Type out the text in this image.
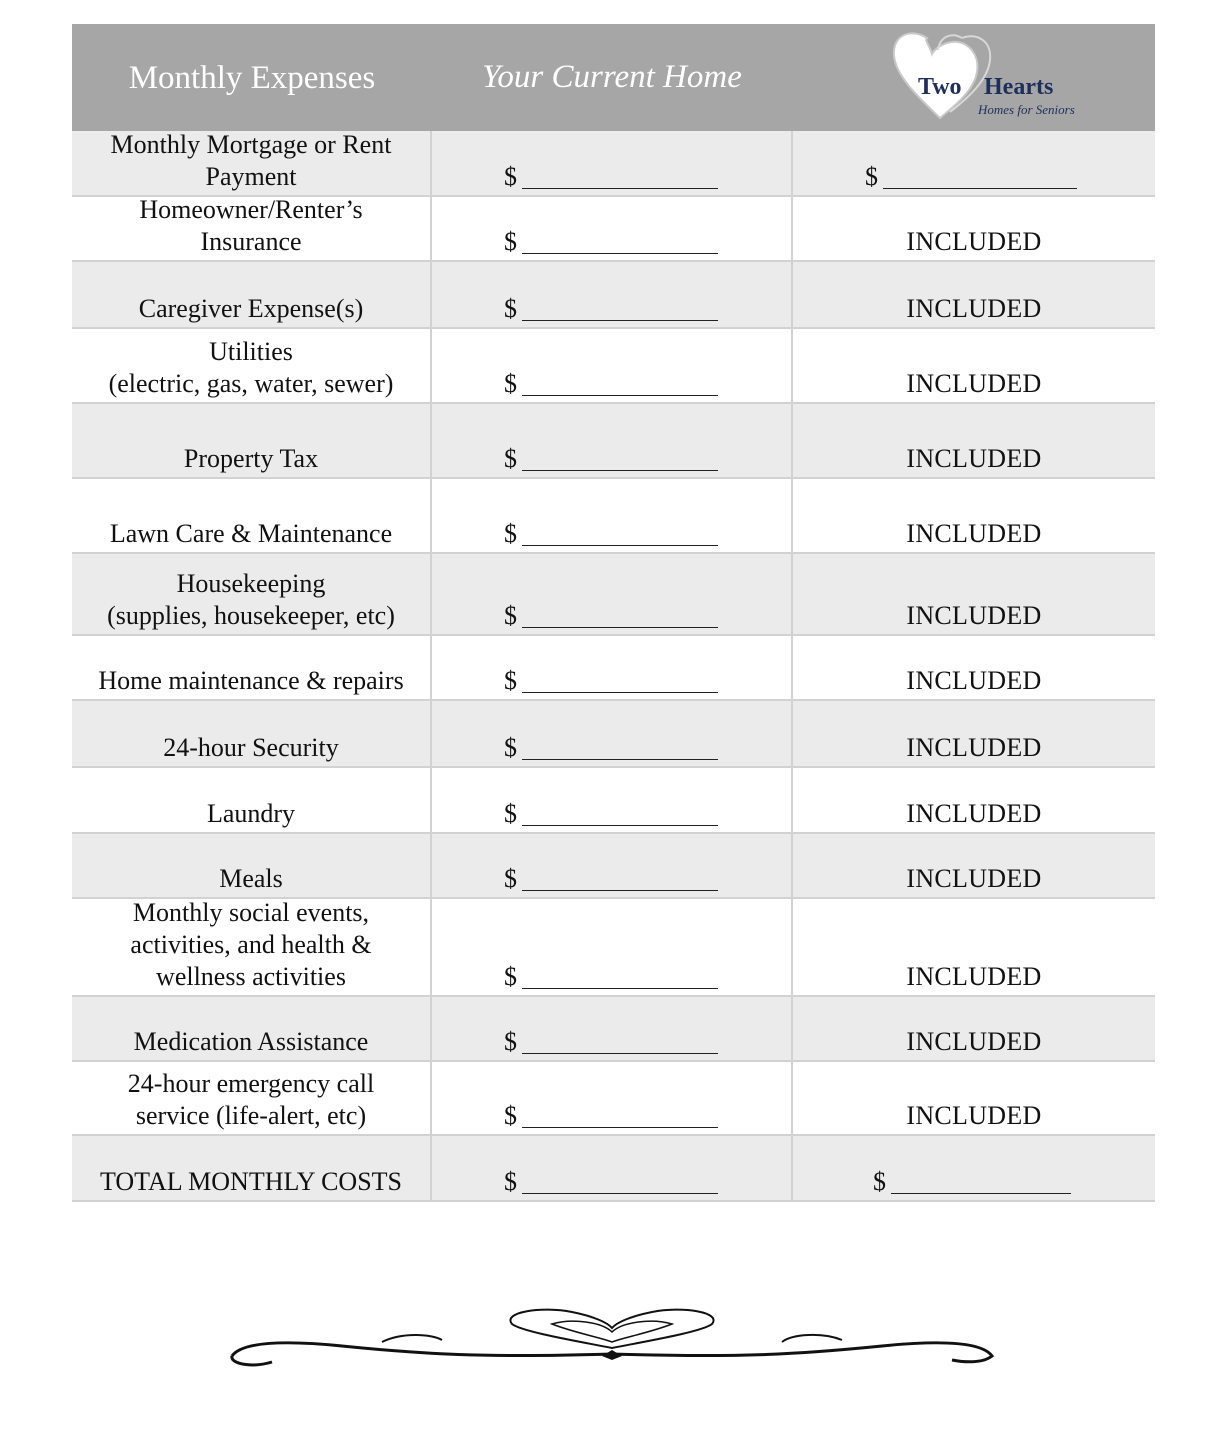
Monthly Expenses	Your Current Home	Two Hearts
Homes for Seniors
Monthly Mortgage or Rent
Payment	$	$
Homeowner/Renter’s
Insurance	$	INCLUDED
Caregiver Expense(s)	$	INCLUDED
Utilities
(electric, gas, water, sewer)	$	INCLUDED
Property Tax	$	INCLUDED
Lawn Care & Maintenance	$	INCLUDED
Housekeeping
(supplies, housekeeper, etc)	$	INCLUDED
Home maintenance & repairs	$	INCLUDED
24-hour Security	$	INCLUDED
Laundry	$	INCLUDED
Meals	$	INCLUDED
Monthly social events,
activities, and health &
wellness activities	$	INCLUDED
Medication Assistance	$	INCLUDED
24-hour emergency call
service (life-alert, etc)	$	INCLUDED
TOTAL MONTHLY COSTS	$	$
